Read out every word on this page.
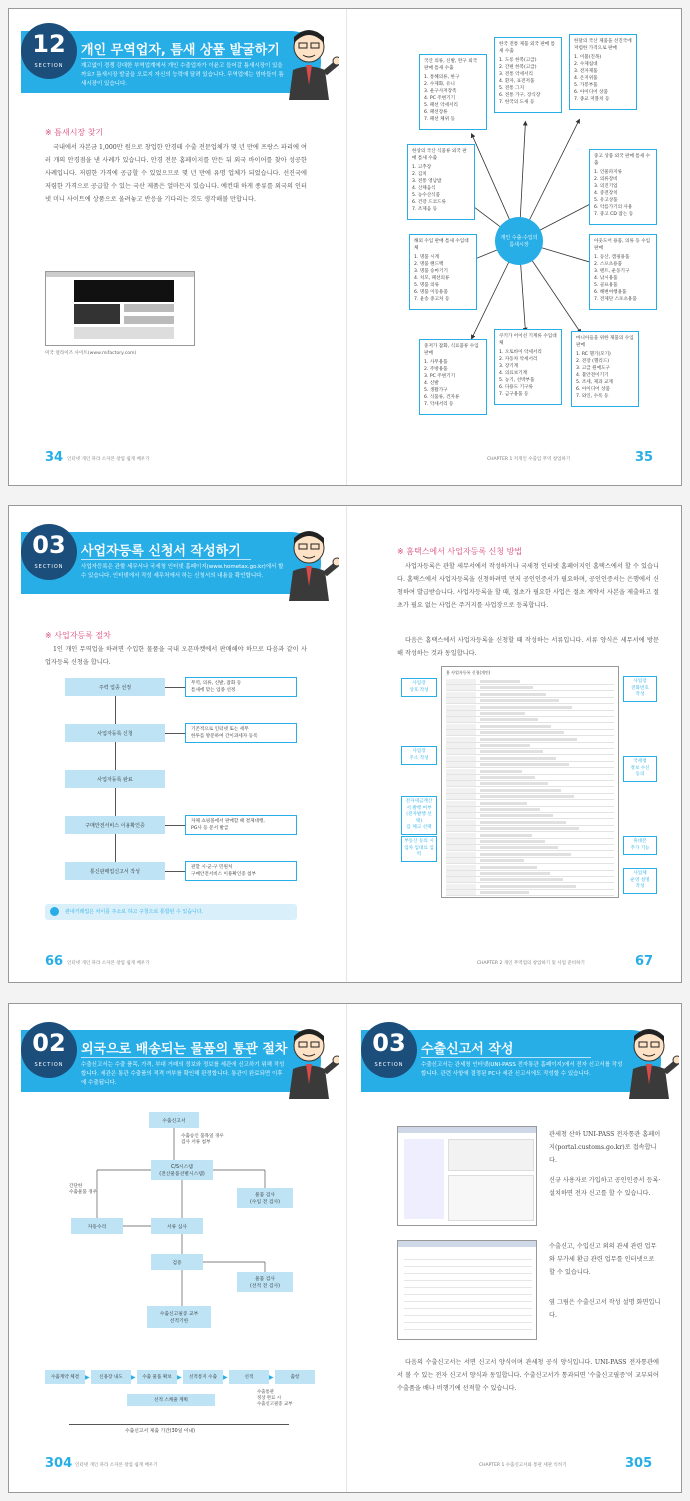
12
SECTION
개인 무역업자, 틈새 상품 발굴하기
재고없이 경쟁 강대한 부역업계에서 개인 수출업자가 이윤고 들어갈 틈새시장이 있을까요? 틈새시장 발굴을 오로지 자신의 능력에 달려 있습니다. 무역업에는 엄마들이 틈새시장이 있습니다.
※ 틈새시장 찾기
국내에서 자본금 1,000만 원으로 창업한 안경테 수출 전문업체가 몇 년 만에 프랑스 파리에 여러 개의 안경점을 낸 사례가 있습니다. 안경 전문 홈페이지를 만든 뒤 외국 바이어를 찾아 성공한 사례입니다. 저렴한 가격에 공급할 수 있었으므로 몇 년 만에 유명 업체가 되었습니다. 선진국에 저렴한 가격으로 공급할 수 있는 국산 제품은 얼마든지 있습니다. 예컨대 하게 종류를 외국의 인터넷 미니 사이트에 상품으로 올려놓고 반응을 기다리는 것도 생각해볼 만합니다.
미국 얼라이즈 사이트(www.mifactory.com)
34 인터넷 개인 파라 소자본 창업 쉽게 배우기	CHAPTER 1 저게인 수출입 무역 창업하기	35
국산 의류, 신발, 완구 외국 판매 틈새 수출
1. 통혜의류, 한구
2. 수제화, 유니
3. 운구사저장족
4. PC 주변기기
5. 패션 악세서리
6. 패션장류
7. 패션 체위 등
한국 전통 제품 외국 판매 틈새 수출
1. 도롱 한복(고급)
2. 간편 한복(고급)
3. 전통 악세서리
4. 환자, 표전저품
5. 전통 그지
6. 전통 가구, 장식장
7. 한국의 도새 등
한달의 국산 제품을 선진국에 저렴한 가격으로 판매
1. 이불(진목)
2. 수제침대
3. 전자제품
4. 온지위품
5. 가봉부품
6. 아이디어 상품
7. 종교 저볼치 등
한상의 국산 식품류 외국 판매 틈새 수출
1. 고추장
2. 김치
3. 전통 영남밤
4. 산채음식
5. 농수산식품
6. 건강 드코드류
7. 조제음 등
중고 상품 외국 판매 틈새 수출
1. 인물파지류
2. 의류장비
3. 의진기업
4. 증전장치
5. 유고상품
6. 악를가기의 사용
7. 중고 CD 잡는 등
해외 수입 판매 틈새 수입대체
1. 명품 시계
2. 명품 핸드백
3. 명품 승마기기
4. 치모, 패션의류
5. 명품 의류
6. 명품 이동용품
7. 윤송 중고차 등
아웃도어 용품, 의류 등 수입 판매
1. 등산, 캠핑용품
2. 스포츠용품
3. 텐트, 운동기구
4. 낚시용품
5. 골프용품
6. 해변여행용품
7. 전제단 스포츠용품
중저가 잡화, 식료품류 수입 판매
1. 사무용품
2. 주방용품
3. PC 주변기기
4. 신발
5. 생활가구
6. 식품류, 건자류
7. 악세서리 등
쿠키가 어이선 기계류 수입대체
1. 오토바이 악세서리
2. 자동차 악세서리
3. 장기계
4. 의료보기계
5. 농기, 선박부품
6. 다용도 기구류
7. 금구용품 등
마니아들을 위한 제품의 수입 판매
1. RC 헬기(모기)
2. 전장 (헬리드)
3. 고급 원예도구
4. 불안전이기기
5. 조세, 제과 교재
6. 아이디어 상품
7. 와인, 수록 등
개인 수출·수입의
틈새시장
03
SECTION
사업자등록 신청서 작성하기
사업자등록은 관할 세무서나 국세청 인터넷 홈페이지(www.hometax.go.kr)에서 할 수 있습니다. 인터넷에서 작성 세무처에서 하는 신청서의 내용을 확인합니다.
※ 사업자등록 절차
1인 개인 무역업을 하려면 수입한 물품을 국내 오픈마켓에서 판매해야 하므로 다음과 같이 사업자등록 신청을 합니다.
주력 업종 선정
무역, 의류, 신발, 잡화 등
틈새에 맞는 업종 선정
사업자등록 신청
기존적으로 인터넷 또는 세무
한투를 방문하여 간이과세자 등록
사업자등록 완료
구매안전서비스 이용확인증
자체 쇼핑몰에서 판매할 때 결제대행,
PG사 등 문서 발급
통신판매업신고서 작성
관할 시·군·구 민원처
구매안전서비스 이용확인증 첨부
관내거래업은 차이를 주소로 하고 구청으로 통합된 수 있습니다.
※ 홈택스에서 사업자등록 신청 방법
사업자등록은 관할 세무서에서 작성하거나 국세청 인터넷 홈페이지인 홈택스에서 할 수 있습니다. 홈택스에서 사업자등록을 신청하려면 먼저 공인인증서가 필요하며, 공인인증서는 은행에서 신청하여 발급받습니다. 사업자등록을 할 때, 절초가 필요한 사업은 절초 계약서 사본을 제출하고 절초가 필요 없는 사업은 주거지를 사업장으로 등록합니다.
다음은 홈택스에서 사업자등록을 신청할 때 작성하는 서류입니다. 서류 양식은 세무서에 방문해 작성하는 것과 동일합니다.
홈 사업자등록 신청(개인)
사업장
상호 작성
사업장
주소 작성
전자세금계산
서 발행 여부
(전자발행 선택)
를 체크 선택
부동산 등의 시
임차 임대료 입력
사업장
전화번호
작성
국세청
정보 수신
동의
휴대폰
추가 기능
사업체
운영 설명
작성
66 인터넷 개인 파라 소자본 창업 쉽게 배우기	CHAPTER 2 개인 무역업의 창업하기 및 사업 준비하기	67
02
SECTION
외국으로 배송되는 물품의 통관 절차
수출신고서는 수출 품목, 가격, 부대 거래의 정보와 정보를 세관에 신고하기 위해 작성합니다. 세관은 통관 수출품의 적격 여부를 확인해 판정합니다. 통관이 완료되면 이후에 수출됩니다.
03
SECTION
수출신고서 작성
수출신고서는 관세청 인터넷(UNI-PASS 전자통관 홈페이지)에서 전자 신고서를 작성합니다. 관련 사항에 결정된 PC나 세관 신고서에도 작성할 수 있습니다.
수출신고서
수출승인 품목일 경우
검사 서류 첨부
C/S시스템
(전산물품선별시스템)
간단한
수출물품 경우
물품 검사
(수입 전 검사)
자동수리	서류 심사
검증
물품 검사
(선적 전 검사)
수출신고필증 교부
선적기한
수출계약 체결 ▶	신용장 내도	▶	수출 물품 확보 ▶	선적통지 수출 ▶	선적	▶	출항
선적 스케줄 계획
수출통관
정상 완료 시
수출신고필증 교부
수출신고서 제출 기간(30일 이내)
관세청 산하 UNI-PASS 전자통관 홈페이지(portal.customs.go.kr)로 접속합니다.
신규 사용자로 가입하고 공인인증서 등록·설치하면 전자 신고를 할 수 있습니다.
수출신고, 수입신고 외의 관세 관련 업무와 부가세 환급 관련 업무를 인터넷으로 할 수 있습니다.
옆 그림은 수출신고서 작성 설명 화면입니다.
다음의 수출신고서는 서면 신고서 양식이며 관세청 공식 양식입니다. UNI-PASS 전자통관에서 볼 수 있는 전자 신고서 양식과 동일합니다. 수출신고서가 통과되면 '수출신고필증'이 교부되어 수출품을 배나 비행기에 선적할 수 있습니다.
304 인터넷 개인 파라 소자본 창업 쉽게 배우기	CHAPTER 1 수출신고서와 통관 세관 익히기	305
